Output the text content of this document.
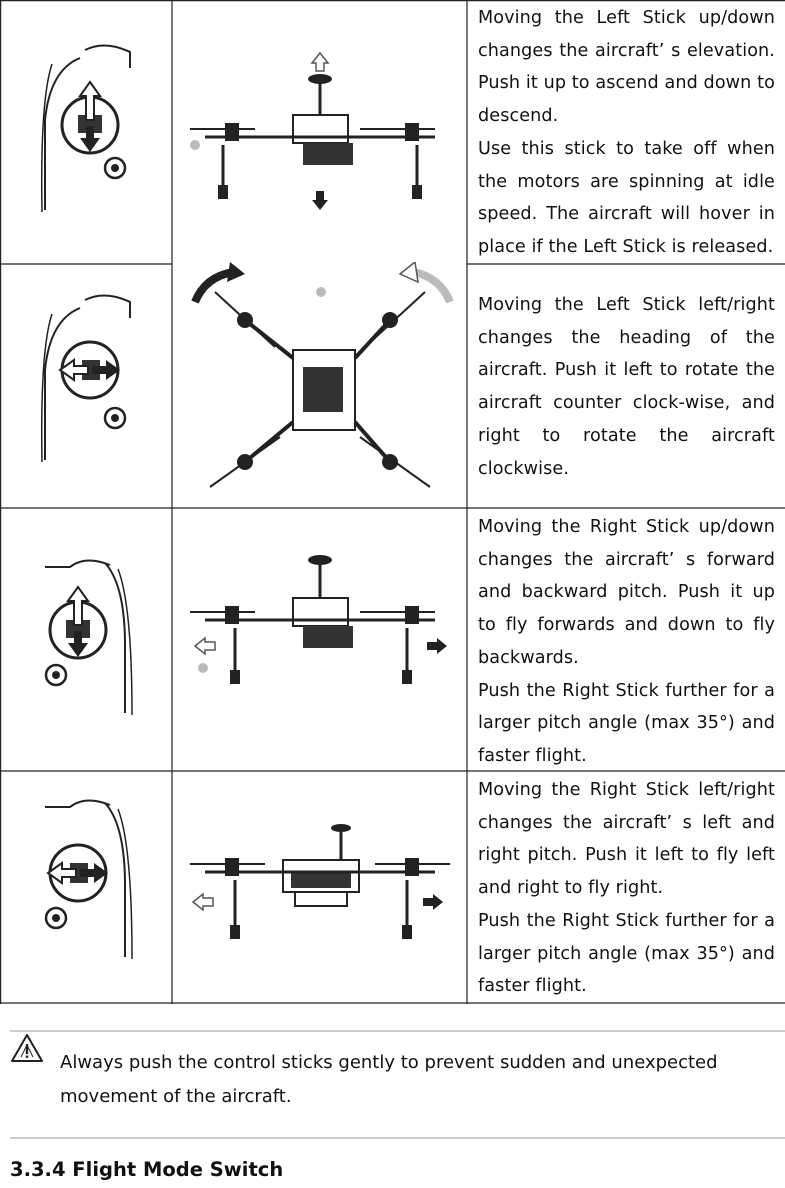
Moving the Left Stick up/down changes the aircraft’ s elevation. Push it up to ascend and down to descend.

Use this stick to take off when the motors are spinning at idle speed. The aircraft will hover in place if the Left Stick is released.

Moving the Left Stick left/right changes the heading of the aircraft. Push it left to rotate the aircraft counter clock-wise, and right to rotate the aircraft clockwise.

Moving the Right Stick up/down changes the aircraft’ s forward and backward pitch. Push it up to fly forwards and down to fly backwards.

Push the Right Stick further for a larger pitch angle (max 35°) and faster flight.

Moving the Right Stick left/right changes the aircraft’ s left and right pitch. Push it left to fly left and right to fly right.

Push the Right Stick further for a larger pitch angle (max 35°) and faster flight.

Always push the control sticks gently to prevent sudden and unexpected movement of the aircraft.
3.3.4 Flight Mode Switch
